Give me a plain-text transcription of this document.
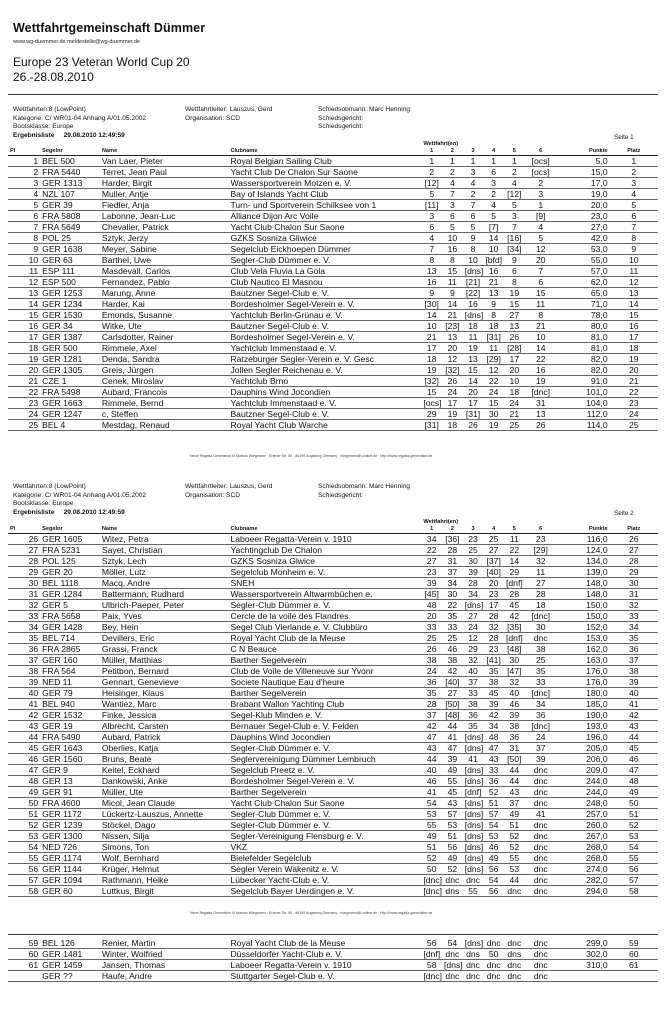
Wettfahrtgemeinschaft Dümmer
www.wg-duemmer.de meldestelle@wg-duemmer.de
Europe 23 Veteran World Cup 20
26.-28.08.2010
Wettfahrten:8 (LowPoint)
Kategorie: C/ WR01-04 Anhang A/01.05.2002
Bootsklasse: Europe
Ergebnisliste 29.08.2010 12:49:59
Wettfahrtleiter: Lauszus, Gerd
Organisation: SCD
Schiedsobmann: Marc Henning
Schiedsgericht:
Schiedsgericht:
Seite 1
				Wettfahrt(en)							
Pl	Segelnr	Name	Clubname	1	2	3	4	5	6	Punkte	Platz
1	BEL 500	Van Laer, Pieter	Royal Belgian Sailing Club	1	1	1	1	1	[ocs]	5,0	1
2	FRA 5440	Terret, Jean Paul	Yacht Club De Chalon Sur Saone	2	2	3	6	2	[ocs]	15,0	2
3	GER 1313	Harder, Birgit	Wassersportverein Motzen e. V.	[12]	4	4	3	4	2	17,0	3
4	NZL 107	Muller, Antje	Bay of Islands Yacht Club	5	7	2	2	[12]	3	19,0	4
5	GER 39	Fiedler, Anja	Turn- und Sportverein Schilksee von 1	[11]	3	7	4	5	1	20,0	5
6	FRA 5808	Labonne, Jean-Luc	Alliance Dijon Arc Voile	3	6	6	5	3	[9]	23,0	6
7	FRA 5649	Chevalier, Patrick	Yacht Club Chalon Sur Saone	6	5	5	[7]	7	4	27,0	7
8	POL 25	Sztyk, Jerzy	GZKS Sosniza Gliwice	4	10	9	14	[16]	5	42,0	8
9	GER 1638	Meyer, Sabine	Segelclub Eickhoepen Dümmer	7	16	8	10	[34]	12	53,0	9
10	GER 63	Barthel, Uwe	Segler-Club Dümmer e. V.	8	8	10	[bfd]	9	20	55,0	10
11	ESP 111	Masdevall, Carlos	Club Vela Fluvia La Gola	13	15	[dns]	16	6	7	57,0	11
12	ESP 500	Fernandez, Pablo	Club Nautico El Masnou	16	11	[21]	21	8	6	62,0	12
13	GER 1253	Marung, Anne	Bautzner Segel-Club e. V.	9	9	[22]	13	19	15	65,0	13
14	GER 1234	Harder, Kai	Bordesholmer Segel-Verein e. V.	[30]	14	16	9	15	11	71,0	14
15	GER 1530	Emonds, Susanne	Yachtclub Berlin-Grünau e. V.	14	21	[dns]	8	27	8	78,0	15
16	GER 34	Witke, Ute	Bautzner Segel-Club e. V.	10	[23]	18	18	13	21	80,0	16
17	GER 1387	Carlsdotter, Rainer	Bordesholmer Segel-Verein e. V.	21	13	11	[31]	26	10	81,0	17
18	GER 500	Rimmele, Axel	Yachtclub Immenstaad e. V.	17	20	19	11	[28]	14	81,0	18
19	GER 1281	Denda, Sandra	Ratzeburger Segler-Verein e. V. Gesc	18	12	13	[29]	17	22	82,0	19
20	GER 1305	Greis, Jürgen	Jollen Segler Reichenau e. V.	19	[32]	15	12	20	16	82,0	20
21	CZE 1	Cenek, Miroslav	Yachtclub Brno	[32]	26	14	22	10	19	91,0	21
22	FRA 5498	Aubard, Francois	Dauphins Wind Jocondien	15	24	20	24	18	[dnc]	101,0	22
23	GER 1663	Rimmele, Bernd	Yachtclub Immenstaad e. V.	[ocs]	17	17	15	24	31	104,0	23
24	GER 1247	c, Steffen	Bautzner Segel-Club e. V.	29	19	[31]	30	21	13	112,0	24
25	BEL 4	Mestdag, Renaud	Royal Yacht Club Warche	[31]	18	26	19	25	26	114,0	25
Neue Regatta Generation III Markus Wiegmann · Erlener Str. 50 · 86199 Augsburg Germany · wiegmann@t-online.de · http://www.regatta-generation.de
Wettfahrten:8 (LowPoint)
Kategorie: C/ WR01-04 Anhang A/01.05.2002
Bootsklasse: Europe
Ergebnisliste 29.08.2010 12:49:59
Wettfahrtleiter: Lauszus, Gerd
Organisation: SCD
Schiedsobmann: Marc Henning
Schiedsgericht:
Seite 2
				Wettfahrt(en)							
Pl	Segelnr	Name	Clubname	1	2	3	4	5	6	Punkte	Platz
26	GER 1605	Witez, Petra	Laboeer Regatta-Verein v. 1910	34	[36]	23	25	11	23	116,0	26
27	FRA 5231	Sayet, Christian	Yachtingclub De Chalon	22	28	25	27	22	[29]	124,0	27
28	POL 125	Sztyk, Lech	GZKS Sosniza Glwice	27	31	30	[37]	14	32	134,0	28
29	GER 20	Möller, Lutz	Segelclub Monheim e. V.	23	37	39	[40]	29	11	139,0	29
30	BEL 1118	Macq, Andre	SNEH	39	34	28	20	[dnf]	27	148,0	30
31	GER 1284	Battermann, Rudhard	Wassersportverein Altwarmbüchen e.	[45]	30	34	23	28	28	148,0	31
32	GER 5	Ulbrich-Paeper, Peter	Segler-Club Dümmer e. V.	48	22	[dns]	17	45	18	150,0	32
33	FRA 5658	Paix, Yves	Cercle de la voile des Flandres	20	35	27	28	42	[dnc]	150,0	33
34	GER 1428	Bey, Hein	Segel Club Vierlande e. V. Clubbüro	33	33	24	32	[35]	30	152,0	34
35	BEL 714	Devillers, Eric	Royal Yacht Club de la Meuse	25	25	12	28	[dnf]	dnc	153,0	35
36	FRA 2865	Grassi, Franck	C N Beauce	26	46	29	23	[48]	38	162,0	36
37	GER 160	Müller, Matthias	Barther Segelverein	38	38	32	[41]	30	25	163,0	37
38	FRA 564	Petitbon, Bernard	Club de Voile de Villeneuve sur Yvonr	24	42	40	35	[47]	35	176,0	38
39	NED 11	Gennart, Genevieve	Societe Nautique Eau d'heure	36	[40]	37	38	32	33	176,0	39
40	GER 79	Heisinger, Klaus	Barther Segelverein	35	27	33	45	40	[dnc]	180,0	40
41	BEL 940	Wantiez, Marc	Brabant Wallon Yachting Club	28	[50]	38	39	46	34	185,0	41
42	GER 1532	Finke, Jessica	Segel-Klub Minden e. V.	37	[48]	36	42	39	36	190,0	42
43	GER 19	Albrecht, Carsten	Bernauer Segel-Club e. V. Felden	42	44	35	34	38	[dnc]	193,0	43
44	FRA 5490	Aubard, Patrick	Dauphins Wind Jocondien	47	41	[dns]	48	36	24	196,0	44
45	GER 1643	Oberlies, Katja	Segler-Club Dümmer e. V.	43	47	[dns]	47	31	37	205,0	45
46	GER 1560	Bruns, Beate	Seglervereinigung Dümmer Lembruch	44	39	41	43	[50]	39	206,0	46
47	GER 9	Keitel, Eckhard	Segelclub Preetz e. V.	40	49	[dns]	33	44	dnc	209,0	47
48	GER 13	Dankowski, Anke	Bordesholmer Segel-Verein e. V.	46	55	[dns]	36	44	dnc	244,0	48
49	GER 91	Müller, Ute	Barther Segelverein	41	45	[dnf]	52	43	dnc	244,0	49
50	FRA 4600	Micol, Jean Claude	Yacht Club Chalon Sur Saone	54	43	[dns]	51	37	dnc	248,0	50
51	GER 1172	Lückertz-Lauszus, Annette	Segler-Club Dümmer e. V.	53	57	[dns]	57	49	41	257,0	51
52	GER 1239	Stöckel, Dago	Segler-Club Dümmer e. V.	55	53	[dns]	54	51	dnc	260,0	52
53	GER 1300	Nissen, Silja	Segler-Vereinigung Flensburg e. V.	49	51	[dns]	53	52	dnc	267,0	53
54	NED 726	Simons, Ton	VKZ	51	56	[dns]	46	52	dnc	268,0	54
55	GER 1174	Wolf, Bernhard	Bielefelder Segelclub	52	49	[dns]	49	55	dnc	268,0	55
56	GER 1144	Krüger, Helmut	Segler Verein Wakenitz e. V.	50	52	[dns]	56	53	dnc	274,0	56
57	GER 1094	Rathmann, Heike	Lübecker Yacht-Club e. V.	[dnc]	dnc	dnc	54	44	dnc	282,0	57
58	GER 60	Luttkus, Birgit	Segelclub Bayer Uerdingen e. V.	[dnc]	dns	55	56	dnc	dnc	294,0	58
Neue Regatta Generation III Markus Wiegmann · Erlener Str. 50 · 86199 Augsburg Germany · wiegmann@t-online.de · http://www.regatta-generation.de
59	BEL 126	Renier, Martin	Royal Yacht Club de la Meuse	56	54	[dns]	dnc	dnc	dnc	299,0	59
60	GER 1481	Winter, Wolfried	Düsseldorfer Yacht-Club e. V.	[dnf]	dnc	dns	50	dns	dnc	302,0	60
61	GER 1459	Jansen, Thomas	Laboeer Regatta-Verein v. 1910	58	[dns]	dnc	dnc	dnc	dnc	310,0	61
	GER ??	Haufe, Andre	Stuttgarter Segel-Club e. V.	[dnc]	dnc	dnc	dnc	dnc	dnc		
